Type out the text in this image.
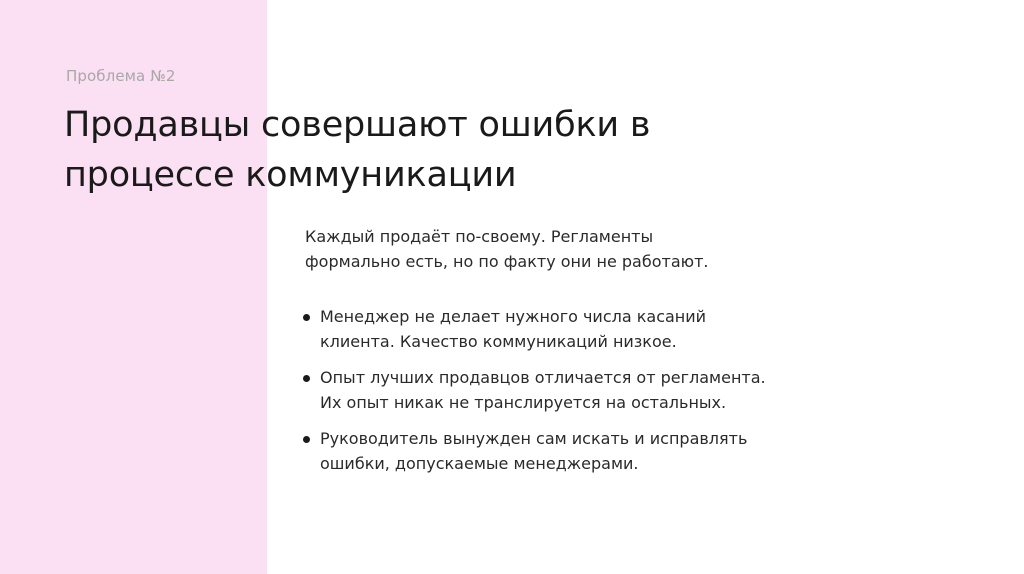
Проблема №2
Продавцы совершают ошибки в
процессе коммуникации

Каждый продаёт по-своему. Регламенты
формально есть, но по факту они не работают.

Менеджер не делает нужного числа касаний
клиента. Качество коммуникаций низкое.
Опыт лучших продавцов отличается от регламента.
Их опыт никак не транслируется на остальных.
Руководитель вынужден сам искать и исправлять
ошибки, допускаемые менеджерами.
